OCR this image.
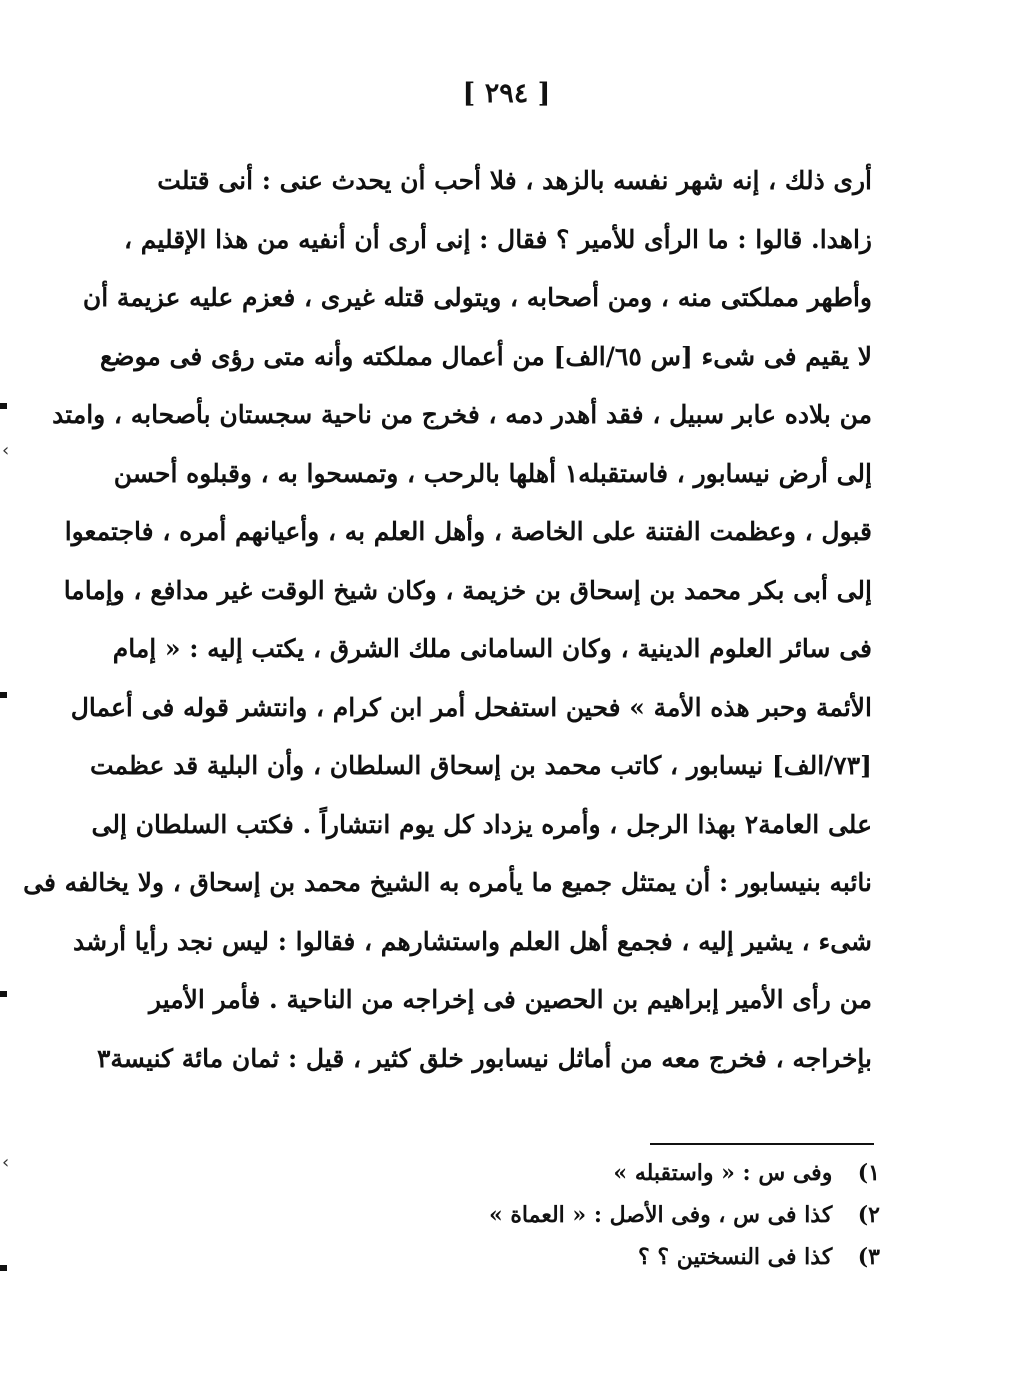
[ ٢٩٤ ]
أرى ذلك ، إنه شهر نفسه بالزهد ، فلا أحب أن يحدث عنى : أنى قتلت
زاهدا. قالوا : ما الرأى للأمير ؟ فقال : إنى أرى أن أنفيه من هذا الإقليم ،
وأطهر مملكتى منه ، ومن أصحابه ، ويتولى قتله غيرى ، فعزم عليه عزيمة أن
لا يقيم فى شىء [س ٦٥/الف] من أعمال مملكته وأنه متى رؤى فى موضع
من بلاده عابر سبيل ، فقد أهدر دمه ، فخرج من ناحية سجستان بأصحابه ، وامتد
إلى أرض نيسابور ، فاستقبله١ أهلها بالرحب ، وتمسحوا به ، وقبلوه أحسن
قبول ، وعظمت الفتنة على الخاصة ، وأهل العلم به ، وأعيانهم أمره ، فاجتمعوا
إلى أبى بكر محمد بن إسحاق بن خزيمة ، وكان شيخ الوقت غير مدافع ، وإماما
فى سائر العلوم الدينية ، وكان السامانى ملك الشرق ، يكتب إليه : « إمام
الأئمة وحبر هذه الأمة » فحين استفحل أمر ابن كرام ، وانتشر قوله فى أعمال
[٧٣/الف] نيسابور ، كاتب محمد بن إسحاق السلطان ، وأن البلية قد عظمت
على العامة٢ بهذا الرجل ، وأمره يزداد كل يوم انتشاراً . فكتب السلطان إلى
نائبه بنيسابور : أن يمتثل جميع ما يأمره به الشيخ محمد بن إسحاق ، ولا يخالفه فى
شىء ، يشير إليه ، فجمع أهل العلم واستشارهم ، فقالوا : ليس نجد رأيا أرشد
من رأى الأمير إبراهيم بن الحصين فى إخراجه من الناحية . فأمر الأمير
بإخراجه ، فخرج معه من أماثل نيسابور خلق كثير ، قيل : ثمان مائة كنيسة٣
١) وفى س : « واستقبله »
٢) كذا فى س ، وفى الأصل : « العماة »
٣) كذا فى النسختين ؟ ؟
‹
‹
